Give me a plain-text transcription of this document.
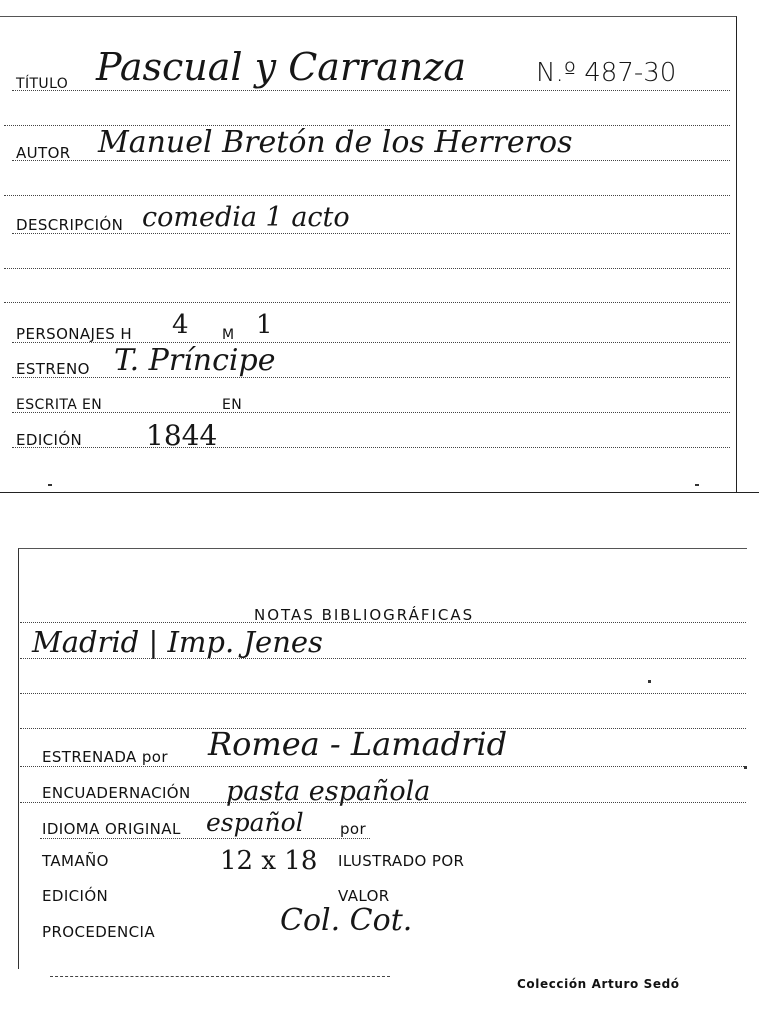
TÍTULO Pascual y Carranza	N.º 487-30
AUTOR Manuel Bretón de los Herreros
DESCRIPCIÓN comedia 1 acto
PERSONAJES H 4 M 1
ESTRENO T. Príncipe
ESCRITA EN	EN
EDICIÓN 1844
NOTAS BIBLIOGRÁFICAS
Madrid | Imp. Jenes
ESTRENADA por Romea - Lamadrid
ENCUADERNACIÓN pasta española
IDIOMA ORIGINAL español por
TAMAÑO	12 x 18 ILUSTRADO POR
EDICIÓN	VALOR
PROCEDENCIA	Col. Cot.
Colección Arturo Sedó
